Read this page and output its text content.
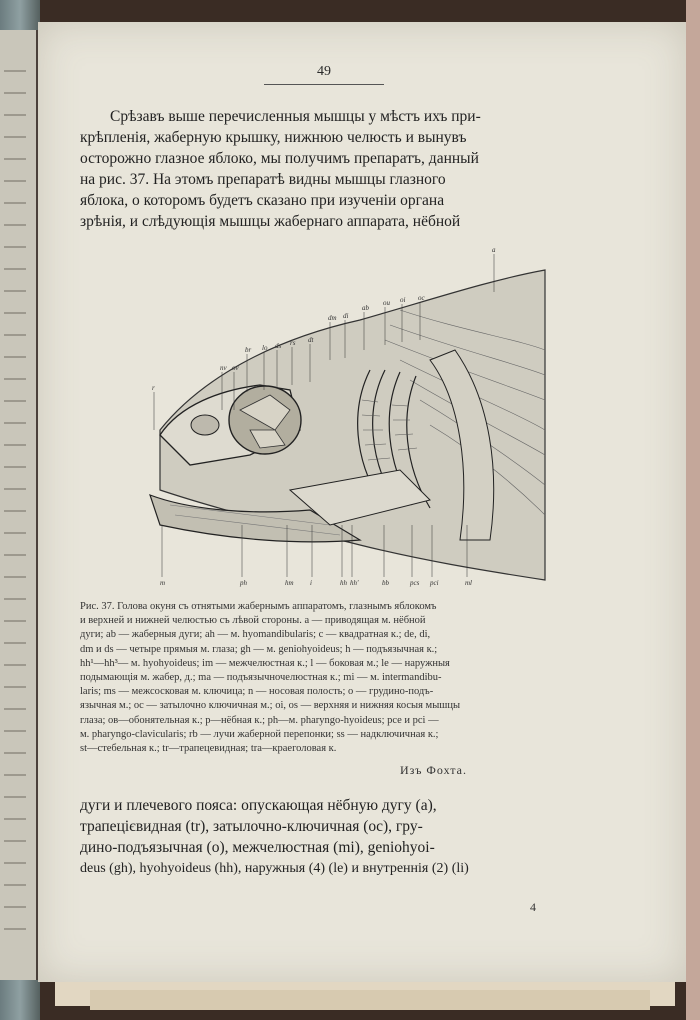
49

Срѣзавъ выше перечисленныя мышцы у мѣстъ ихъ при-
крѣпленія, жаберную крышку, нижнюю челюсть и вынувъ
осторожно глазное яблоко, мы получимъ препаратъ, данный
на рис. 37. На этомъ препаратѣ видны мышцы глазного
яблока, о которомъ будетъ сказано при изученіи органа
зрѣнія, и слѣдующія мышцы жабернаго аппарата, нёбной

r
nv ov
br lo ds rs dt
dm di
ab
ou oi oc
a
m	ph	hm i	hh hh'	bb	pcs pci	ml

Рис. 37. Голова окуня съ отнятыми жабернымъ аппаратомъ, глазнымъ яблокомъ
и верхней и нижней челюстью съ лѣвой стороны. a — приводящая м. нёбной
дуги; ab — жаберныя дуги; ah — м. hyomandibularis; c — квадратная к.; de, di,
dm и ds — четыре прямыя м. глаза; gh — м. geniohyoideus; h — подъязычная к.;
hh¹—hh³— м. hyohyoideus; im — межчелюстная к.; l — боковая м.; le — наружныя
подымающія м. жабер, д.; ma — подъязычночелюстная к.; mi — м. intermandibu-
laris; ms — межсосковая м. ключица; n — носовая полость; o — грудино-подъ-
язычная м.; oc — затылочно ключичная м.; oi, os — верхняя и нижняя косыя мышцы
глаза; ов—обонятельная к.; p—нёбная к.; ph—м. pharyngo-hyoideus; pce и pci —
м. pharyngo-clavicularis; rb — лучи жаберной перепонки; ss — надключичная к.;
st—стебельная к.; tr—трапецевидная; tra—краеголовая к.

Изъ Фохта.

дуги и плечевого пояса: опускающая нёбную дугу (a),
трапецієвидная (tr), затылочно-ключичная (oc), гру-
дино-подъязычная (o), межчелюстная (mi), geniohyoi-
deus (gh), hyohyoideus (hh), наружныя (4) (le) и внутреннія (2) (li)

4
